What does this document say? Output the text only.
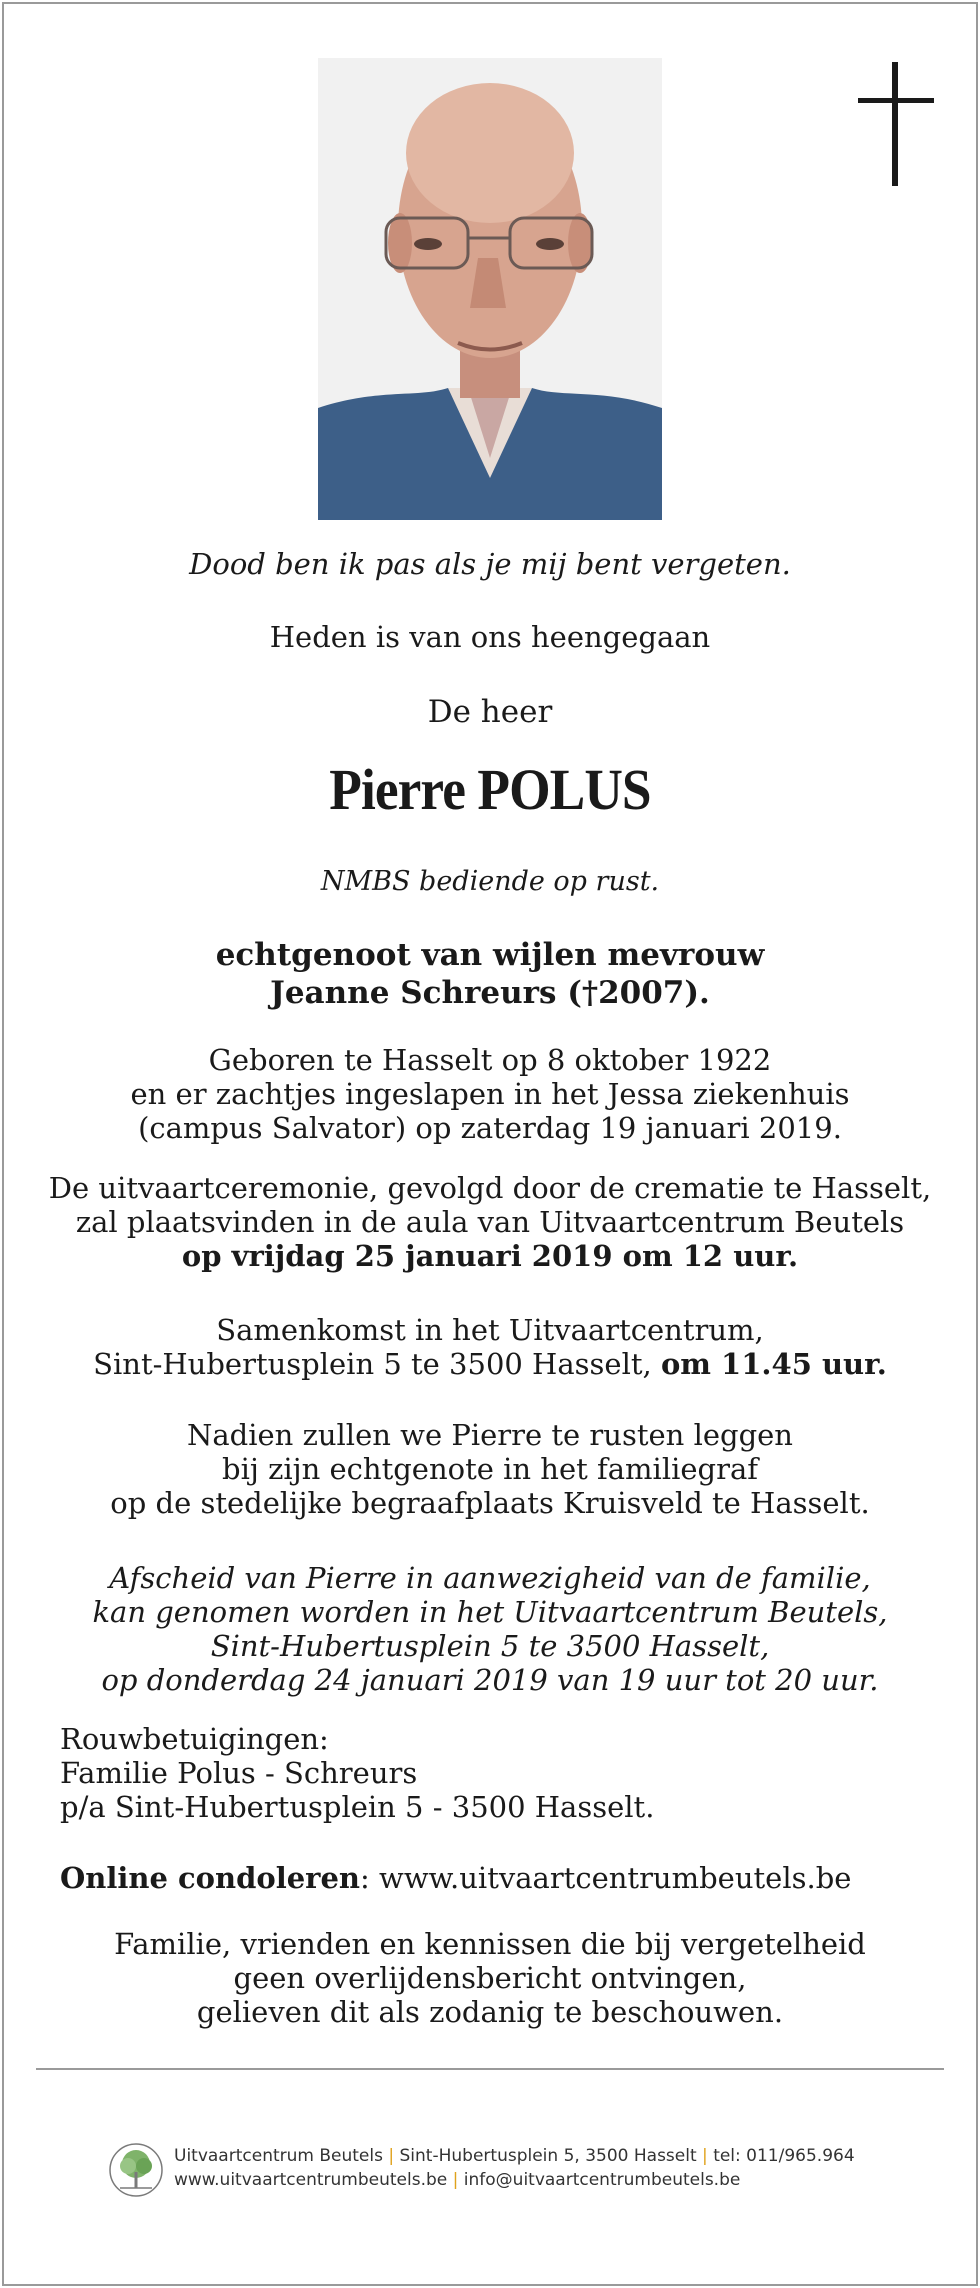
Dood ben ik pas als je mij bent vergeten.
Heden is van ons heengegaan
De heer
Pierre POLUS
NMBS bediende op rust.
echtgenoot van wijlen mevrouw
Jeanne Schreurs (†2007).

Geboren te Hasselt op 8 oktober 1922

en er zachtjes ingeslapen in het Jessa ziekenhuis

(campus Salvator) op zaterdag 19 januari 2019.

De uitvaartceremonie, gevolgd door de crematie te Hasselt,

zal plaatsvinden in de aula van Uitvaartcentrum Beutels

op vrijdag 25 januari 2019 om 12 uur.

Samenkomst in het Uitvaartcentrum,

Sint-Hubertusplein 5 te 3500 Hasselt, om 11.45 uur.

Nadien zullen we Pierre te rusten leggen

bij zijn echtgenote in het familiegraf

op de stedelijke begraafplaats Kruisveld te Hasselt.

Afscheid van Pierre in aanwezigheid van de familie,

kan genomen worden in het Uitvaartcentrum Beutels,

Sint-Hubertusplein 5 te 3500 Hasselt,

op donderdag 24 januari 2019 van 19 uur tot 20 uur.

Rouwbetuigingen:

Familie Polus - Schreurs

p/a Sint-Hubertusplein 5 - 3500 Hasselt.

Online condoleren: www.uitvaartcentrumbeutels.be

Familie, vrienden en kennissen die bij vergetelheid

geen overlijdensbericht ontvingen,

gelieven dit als zodanig te beschouwen.

Uitvaartcentrum Beutels | Sint-Hubertusplein 5, 3500 Hasselt | tel: 011/965.964
www.uitvaartcentrumbeutels.be | info@uitvaartcentrumbeutels.be
